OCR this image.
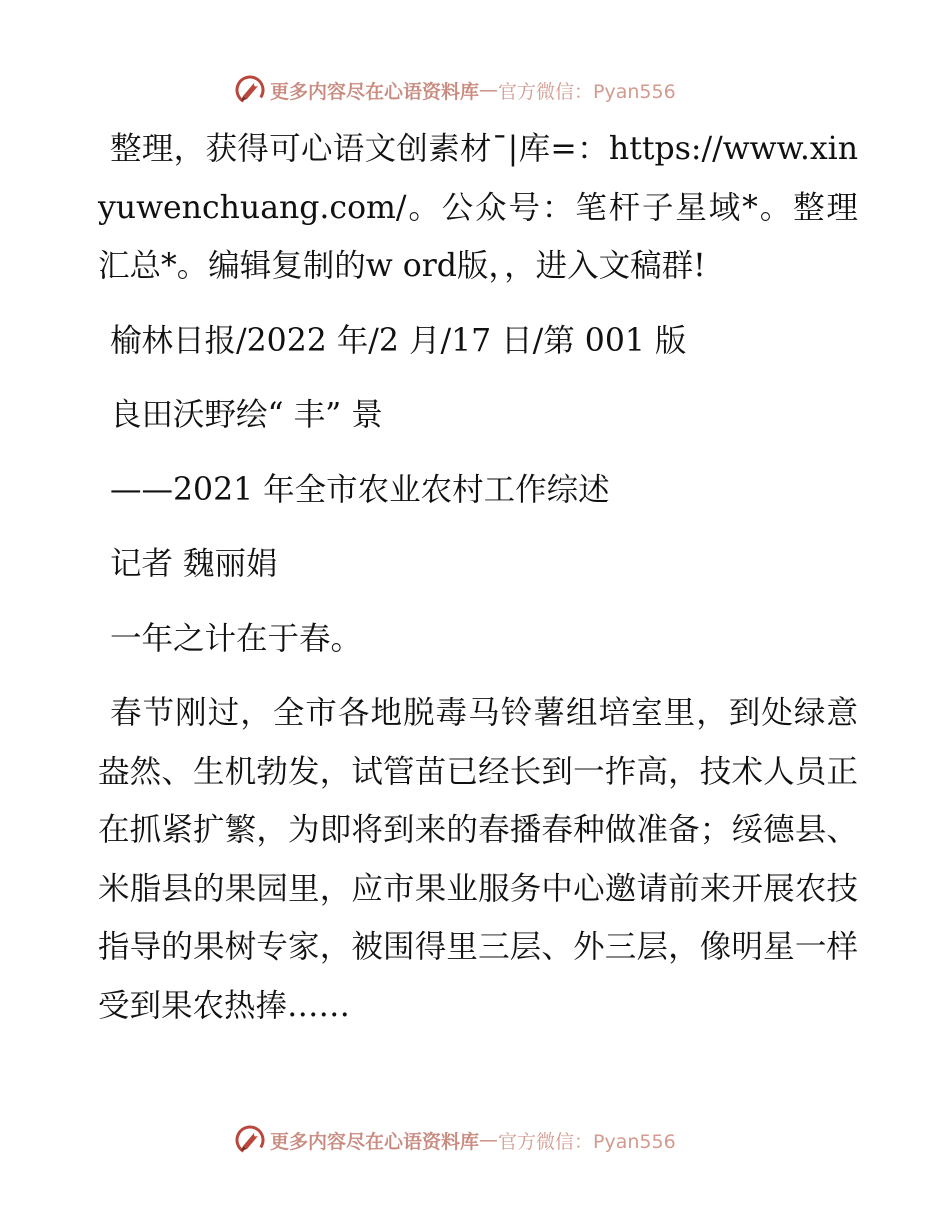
更多内容尽在心语资料库 — 官方微信：Pyan556

整理，获得可心语文创素材¯|库=：https://www.xinyuwenchuang.com/。公众号：笔杆子星域*。整理汇总*。编辑复制的w ord版，，进入文稿群!

榆林日报/2022 年/2 月/17 日/第 001 版

良田沃野绘“ 丰” 景

——2021 年全市农业农村工作综述

记者 魏丽娟

一年之计在于春。

春节刚过，全市各地脱毒马铃薯组培室里，到处绿意盎然、生机勃发，试管苗已经长到一拃高，技术人员正在抓紧扩繁，为即将到来的春播春种做准备；绥德县、米脂县的果园里，应市果业服务中心邀请前来开展农技指导的果树专家，被围得里三层、外三层，像明星一样受到果农热捧……

更多内容尽在心语资料库 — 官方微信：Pyan556
